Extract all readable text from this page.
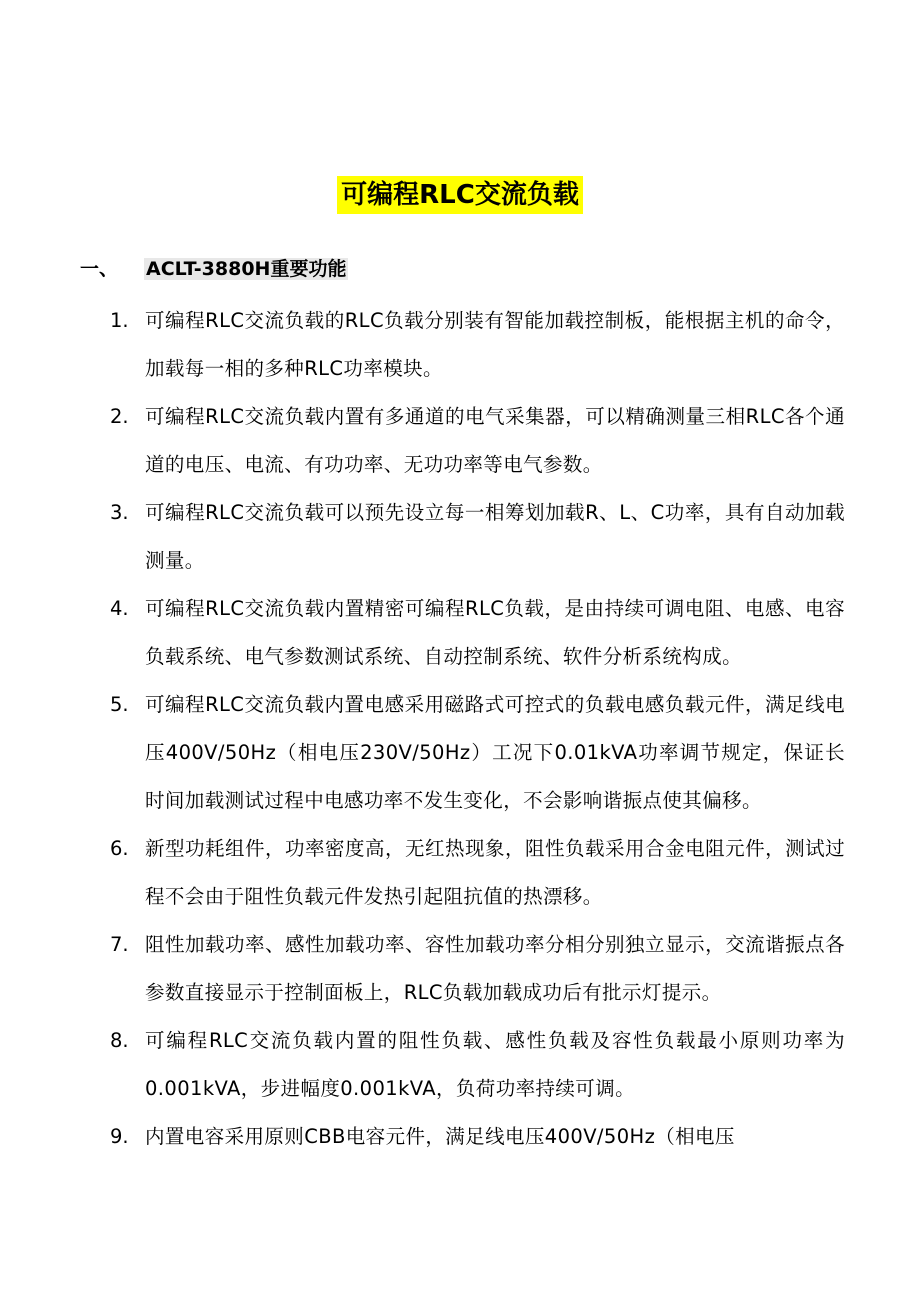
可编程RLC交流负载
一、 ACLT-3880H重要功能
1. 可编程RLC交流负载的RLC负载分别装有智能加载控制板，能根据主机的命令，加载每一相的多种RLC功率模块。
2. 可编程RLC交流负载内置有多通道的电气采集器，可以精确测量三相RLC各个通道的电压、电流、有功功率、无功功率等电气参数。
3. 可编程RLC交流负载可以预先设立每一相筹划加载R、L、C功率，具有自动加载测量。
4. 可编程RLC交流负载内置精密可编程RLC负载，是由持续可调电阻、电感、电容负载系统、电气参数测试系统、自动控制系统、软件分析系统构成。
5. 可编程RLC交流负载内置电感采用磁路式可控式的负载电感负载元件，满足线电压400V/50Hz（相电压230V/50Hz）工况下0.01kVA功率调节规定，保证长时间加载测试过程中电感功率不发生变化，不会影响谐振点使其偏移。
6. 新型功耗组件，功率密度高，无红热现象，阻性负载采用合金电阻元件，测试过程不会由于阻性负载元件发热引起阻抗值的热漂移。
7. 阻性加载功率、感性加载功率、容性加载功率分相分别独立显示，交流谐振点各参数直接显示于控制面板上，RLC负载加载成功后有批示灯提示。
8. 可编程RLC交流负载内置的阻性负载、感性负载及容性负载最小原则功率为0.001kVA，步进幅度0.001kVA，负荷功率持续可调。
9. 内置电容采用原则CBB电容元件，满足线电压400V/50Hz（相电压
